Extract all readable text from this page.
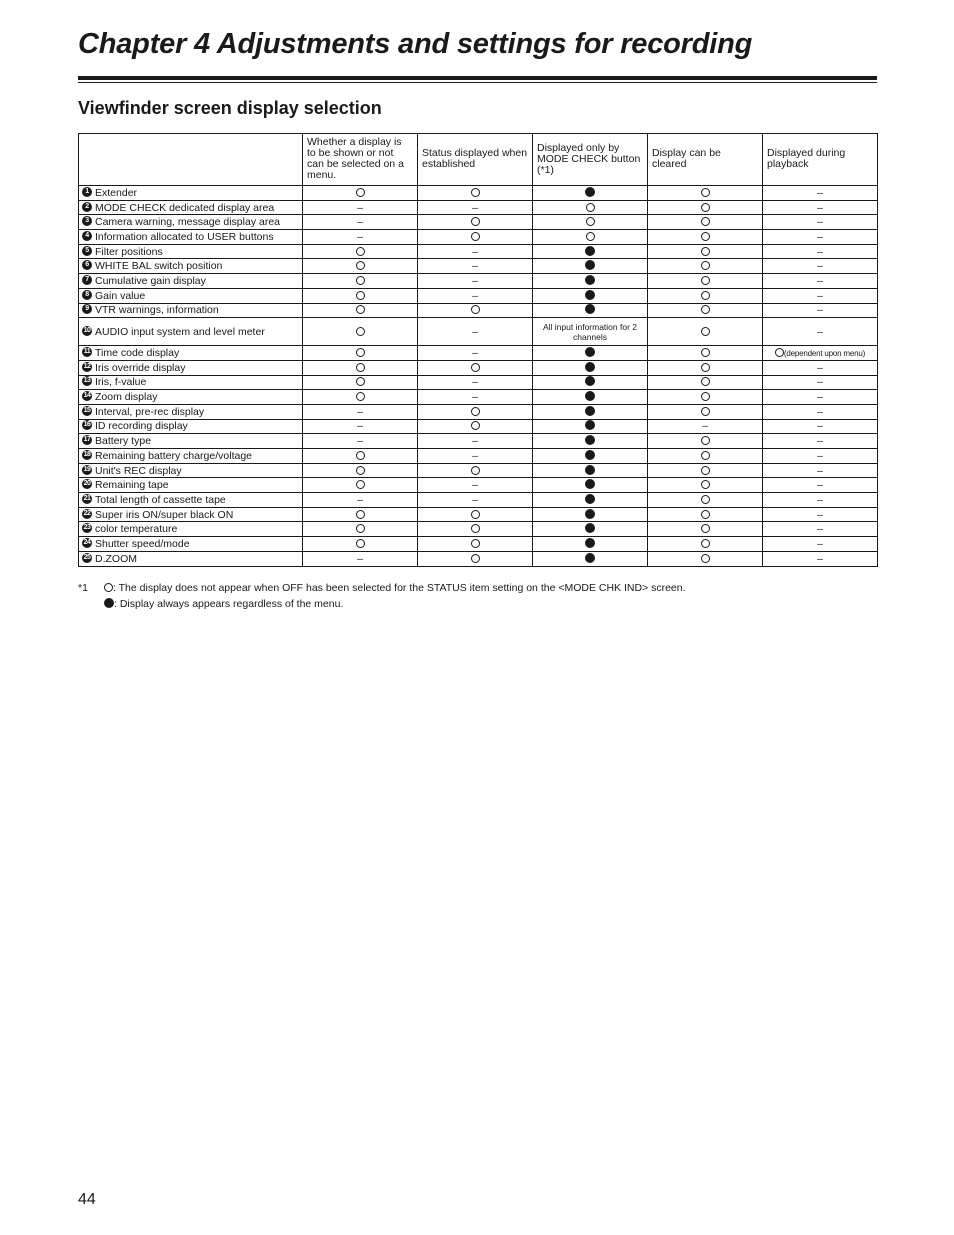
Chapter 4 Adjustments and settings for recording
Viewfinder screen display selection
	Whether a display is to be shown or not can be selected on a menu.	Status displayed when established	Displayed only by MODE CHECK button (*1)	Display can be cleared	Displayed during playback
1 Extender					–
2 MODE CHECK dedicated display area	–	–			–
3 Camera warning, message display area	–				–
4 Information allocated to USER buttons	–				–
5 Filter positions		–			–
6 WHITE BAL switch position		–			–
7 Cumulative gain display		–			–
8 Gain value		–			–
9 VTR warnings, information					–
10 AUDIO input system and level meter		–	All input information for 2 channels		–
11 Time code display		–			(dependent upon menu)
12 Iris override display					–
13 Iris, f-value		–			–
14 Zoom display		–			–
15 Interval, pre-rec display	–				–
16 ID recording display	–			–	–
17 Battery type	–	–			–
18 Remaining battery charge/voltage		–			–
19 Unit's REC display					–
20 Remaining tape		–			–
21 Total length of cassette tape	–	–			–
22 Super iris ON/super black ON					–
23 color temperature					–
24 Shutter speed/mode					–
25 D.ZOOM	–				–
*1 : The display does not appear when OFF has been selected for the STATUS item setting on the <MODE CHK IND> screen.
: Display always appears regardless of the menu.
44
